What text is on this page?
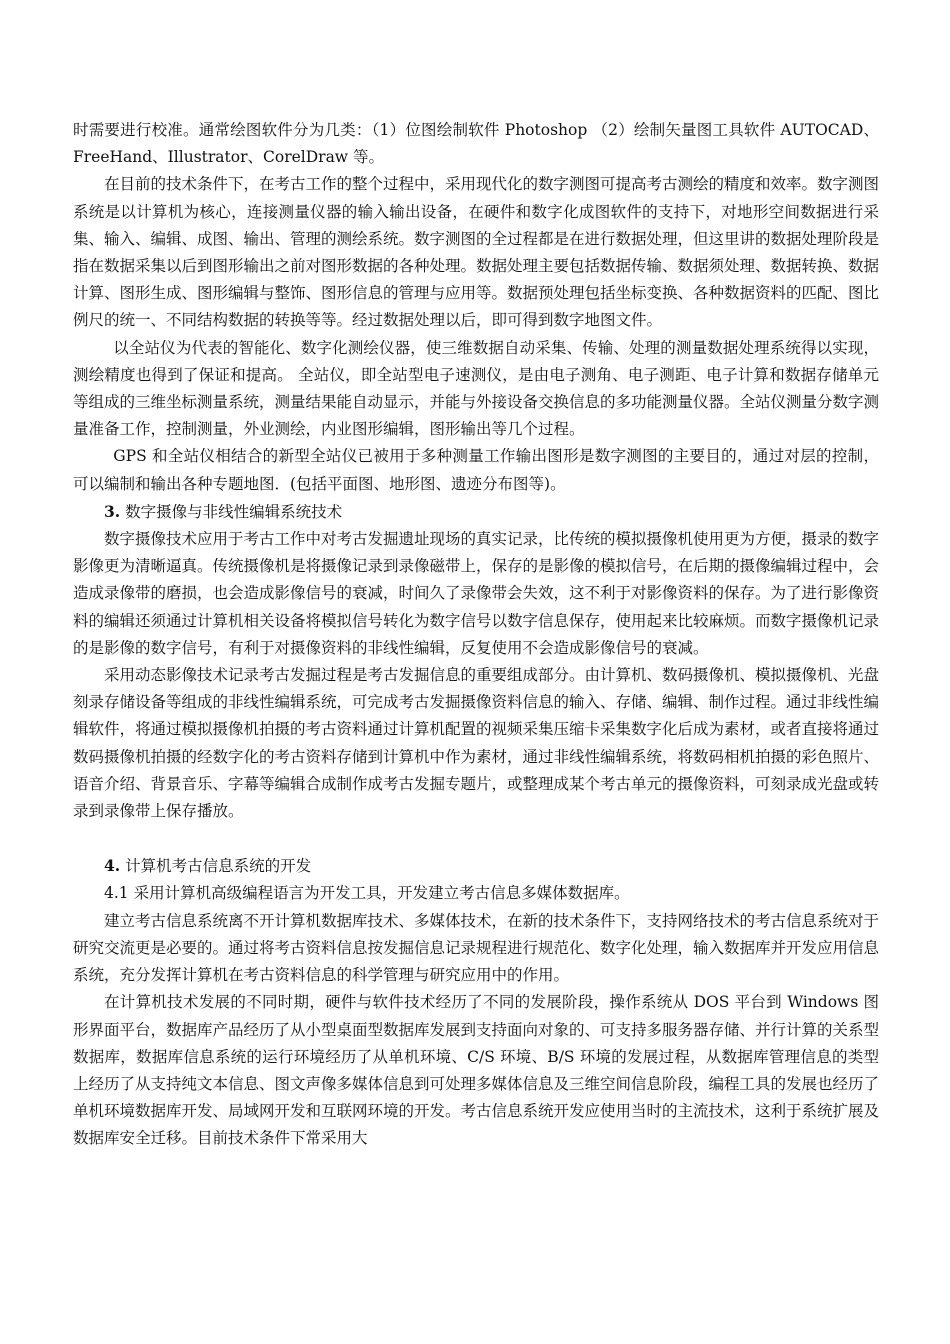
时需要进行校准。通常绘图软件分为几类：（1）位图绘制软件 Photoshop （2）绘制矢量图工具软件 AUTOCAD、FreeHand、Illustrator、CorelDraw 等。

在目前的技术条件下，在考古工作的整个过程中，采用现代化的数字测图可提高考古测绘的精度和效率。数字测图系统是以计算机为核心，连接测量仪器的输入输出设备，在硬件和数字化成图软件的支持下，对地形空间数据进行采集、输入、编辑、成图、输出、管理的测绘系统。数字测图的全过程都是在进行数据处理，但这里讲的数据处理阶段是指在数据采集以后到图形输出之前对图形数据的各种处理。数据处理主要包括数据传输、数据须处理、数据转换、数据计算、图形生成、图形编辑与整饰、图形信息的管理与应用等。数据预处理包括坐标变换、各种数据资料的匹配、图比例尺的统一、不同结构数据的转换等等。经过数据处理以后，即可得到数字地图文件。

以全站仪为代表的智能化、数字化测绘仪器，使三维数据自动采集、传输、处理的测量数据处理系统得以实现，测绘精度也得到了保证和提高。 全站仪，即全站型电子速测仪，是由电子测角、电子测距、电子计算和数据存储单元等组成的三维坐标测量系统，测量结果能自动显示，并能与外接设备交换信息的多功能测量仪器。全站仪测量分数字测量准备工作，控制测量，外业测绘，内业图形编辑，图形输出等几个过程。

GPS 和全站仪相结合的新型全站仪已被用于多种测量工作输出图形是数字测图的主要目的，通过对层的控制，可以编制和输出各种专题地图．(包括平面图、地形图、遗迹分布图等)。

3. 数字摄像与非线性编辑系统技术

数字摄像技术应用于考古工作中对考古发掘遗址现场的真实记录，比传统的模拟摄像机使用更为方便，摄录的数字影像更为清晰逼真。传统摄像机是将摄像记录到录像磁带上，保存的是影像的模拟信号，在后期的摄像编辑过程中，会造成录像带的磨损，也会造成影像信号的衰减，时间久了录像带会失效，这不利于对影像资料的保存。为了进行影像资料的编辑还须通过计算机相关设备将模拟信号转化为数字信号以数字信息保存，使用起来比较麻烦。而数字摄像机记录的是影像的数字信号，有利于对摄像资料的非线性编辑，反复使用不会造成影像信号的衰减。

采用动态影像技术记录考古发掘过程是考古发掘信息的重要组成部分。由计算机、数码摄像机、模拟摄像机、光盘刻录存储设备等组成的非线性编辑系统，可完成考古发掘摄像资料信息的输入、存储、编辑、制作过程。通过非线性编辑软件，将通过模拟摄像机拍摄的考古资料通过计算机配置的视频采集压缩卡采集数字化后成为素材，或者直接将通过数码摄像机拍摄的经数字化的考古资料存储到计算机中作为素材，通过非线性编辑系统，将数码相机拍摄的彩色照片、语音介绍、背景音乐、字幕等编辑合成制作成考古发掘专题片，或整理成某个考古单元的摄像资料，可刻录成光盘或转录到录像带上保存播放。

4. 计算机考古信息系统的开发

4.1 采用计算机高级编程语言为开发工具，开发建立考古信息多媒体数据库。

建立考古信息系统离不开计算机数据库技术、多媒体技术，在新的技术条件下，支持网络技术的考古信息系统对于研究交流更是必要的。通过将考古资料信息按发掘信息记录规程进行规范化、数字化处理，输入数据库并开发应用信息系统，充分发挥计算机在考古资料信息的科学管理与研究应用中的作用。

在计算机技术发展的不同时期，硬件与软件技术经历了不同的发展阶段，操作系统从 DOS 平台到 Windows 图形界面平台，数据库产品经历了从小型桌面型数据库发展到支持面向对象的、可支持多服务器存储、并行计算的关系型数据库，数据库信息系统的运行环境经历了从单机环境、C/S 环境、B/S 环境的发展过程，从数据库管理信息的类型上经历了从支持纯文本信息、图文声像多媒体信息到可处理多媒体信息及三维空间信息阶段，编程工具的发展也经历了单机环境数据库开发、局域网开发和互联网环境的开发。考古信息系统开发应使用当时的主流技术，这利于系统扩展及数据库安全迁移。目前技术条件下常采用大
